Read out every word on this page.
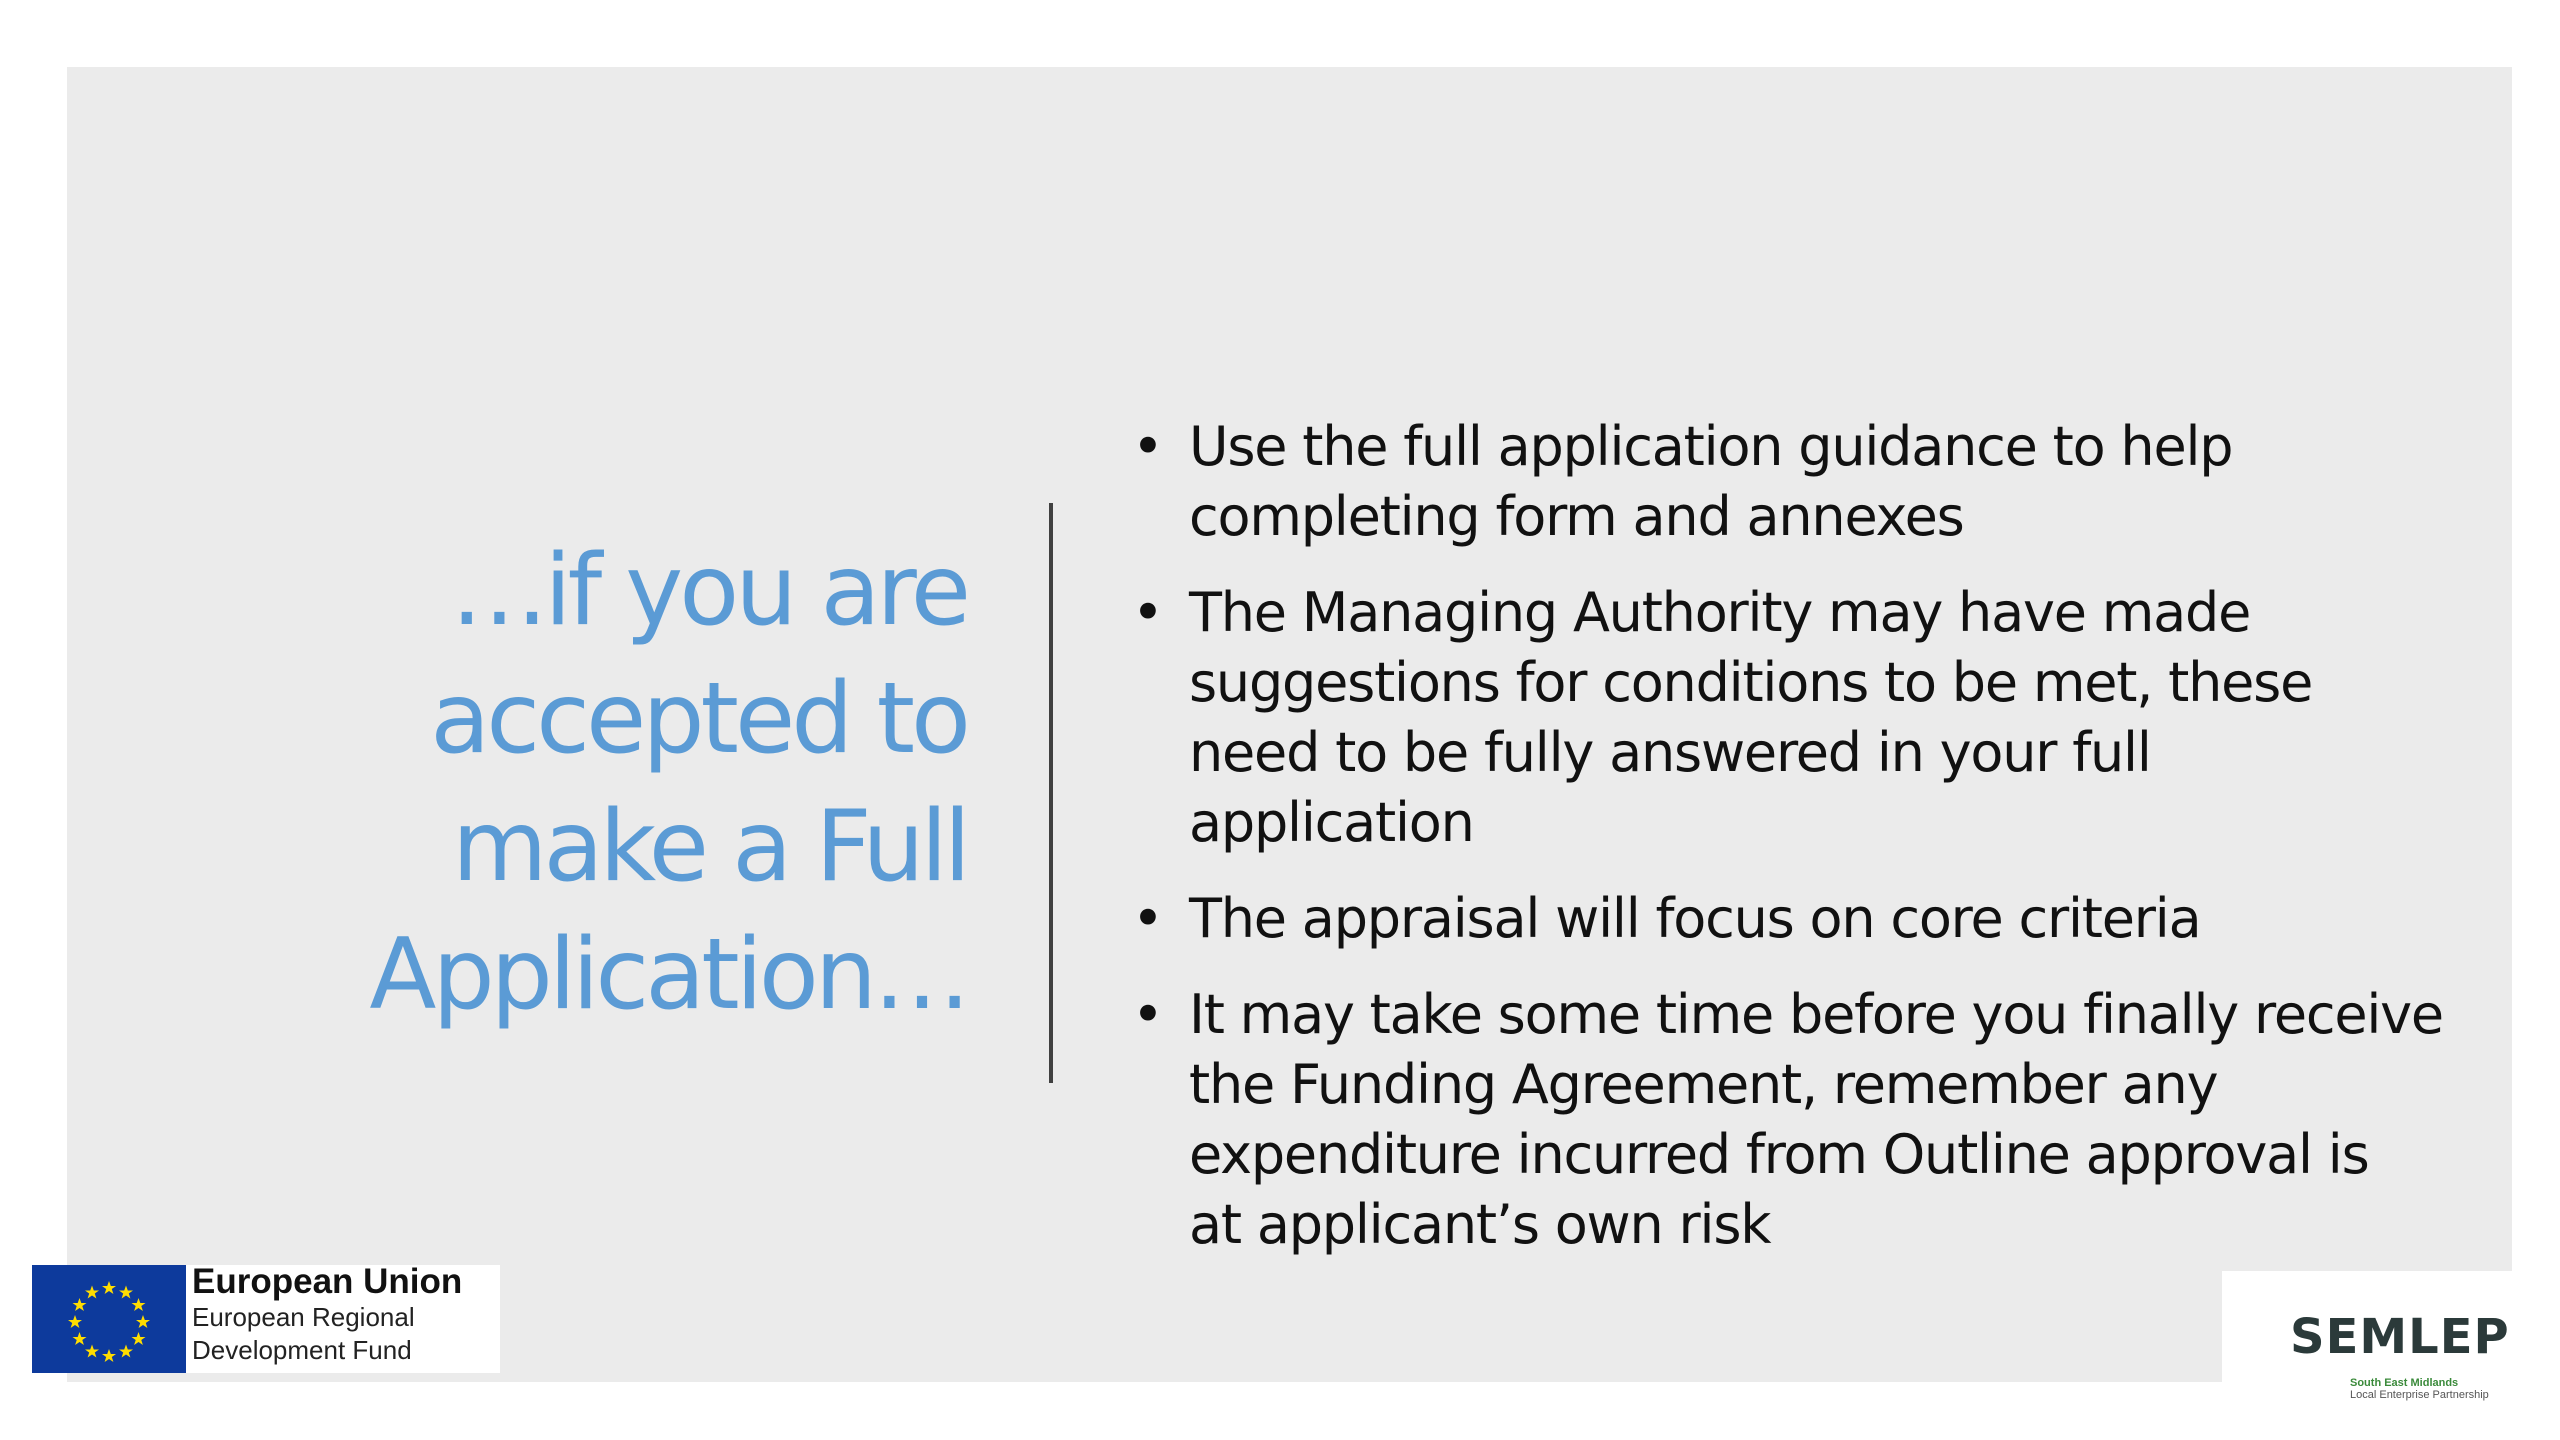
…if you are
accepted to
make a Full
Application…
• Use the full application guidance to help
completing form and annexes
• The Managing Authority may have made
suggestions for conditions to be met, these
need to be fully answered in your full
application
• The appraisal will focus on core criteria
• It may take some time before you finally receive
the Funding Agreement, remember any
expenditure incurred from Outline approval is
at applicant’s own risk
European Union
European Regional
Development Fund	SEMLEP
South East Midlands
Local Enterprise Partnership
